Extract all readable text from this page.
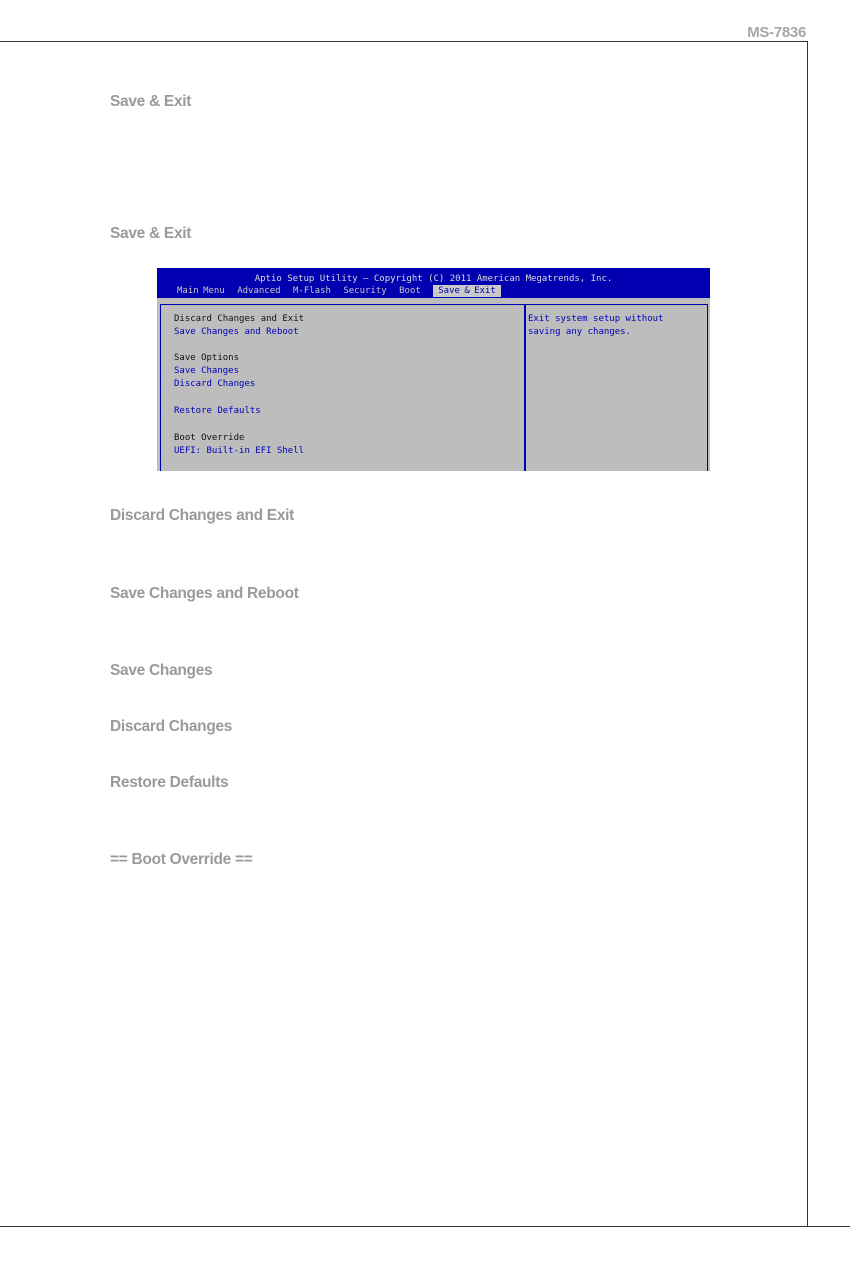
MS-7836
Save & Exit
Save & Exit
Aptio Setup Utility – Copyright (C) 2011 American Megatrends, Inc.
Main Menu Advanced M-Flash Security Boot Save & Exit
Discard Changes and Exit
Save Changes and Reboot
Save Options
Save Changes
Discard Changes
Restore Defaults
Boot Override
UEFI: Built-in EFI Shell
Exit system setup without
saving any changes.
Discard Changes and Exit
Save Changes and Reboot
Save Changes
Discard Changes
Restore Defaults
== Boot Override ==
